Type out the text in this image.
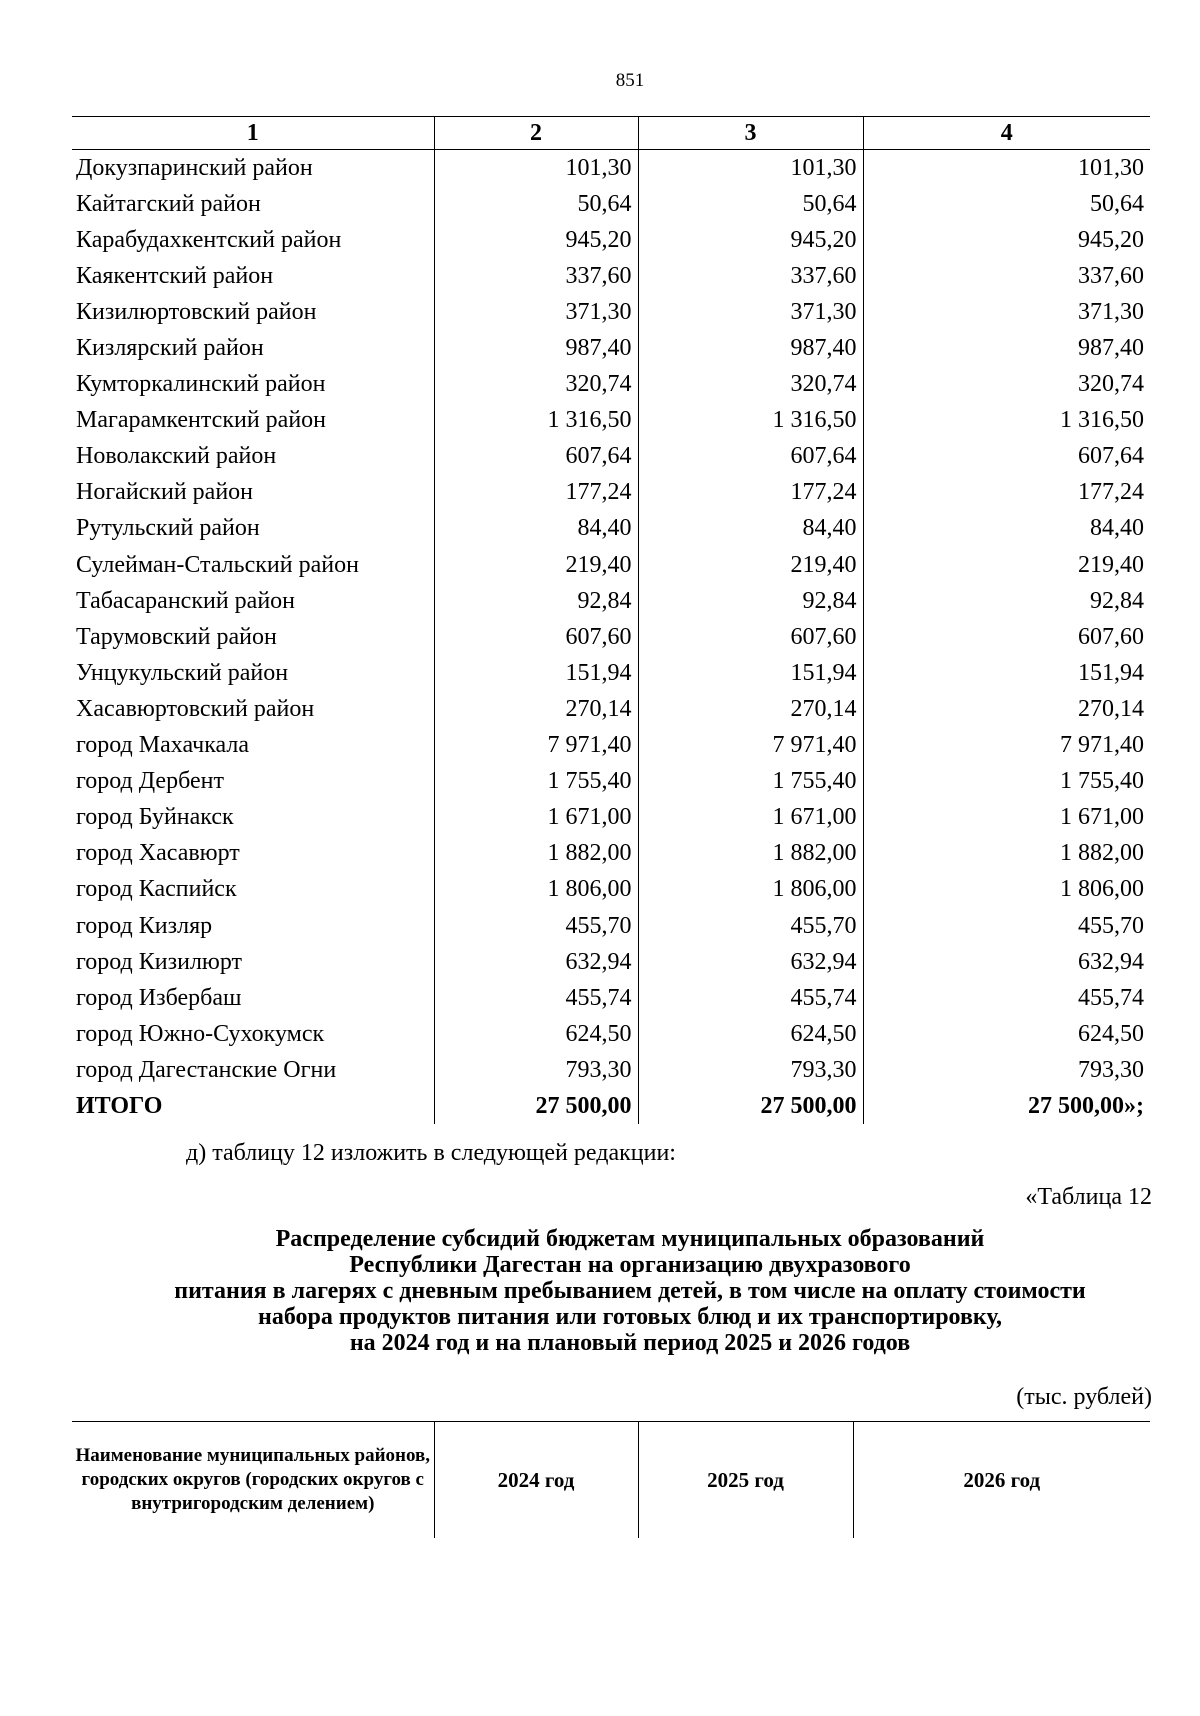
851
1	2	3	4
Докузпаринский район	101,30	101,30	101,30
Кайтагский район	50,64	50,64	50,64
Карабудахкентский район	945,20	945,20	945,20
Каякентский район	337,60	337,60	337,60
Кизилюртовский район	371,30	371,30	371,30
Кизлярский район	987,40	987,40	987,40
Кумторкалинский район	320,74	320,74	320,74
Магарамкентский район	1 316,50	1 316,50	1 316,50
Новолакский район	607,64	607,64	607,64
Ногайский район	177,24	177,24	177,24
Рутульский район	84,40	84,40	84,40
Сулейман-Стальский район	219,40	219,40	219,40
Табасаранский район	92,84	92,84	92,84
Тарумовский район	607,60	607,60	607,60
Унцукульский район	151,94	151,94	151,94
Хасавюртовский район	270,14	270,14	270,14
город Махачкала	7 971,40	7 971,40	7 971,40
город Дербент	1 755,40	1 755,40	1 755,40
город Буйнакск	1 671,00	1 671,00	1 671,00
город Хасавюрт	1 882,00	1 882,00	1 882,00
город Каспийск	1 806,00	1 806,00	1 806,00
город Кизляр	455,70	455,70	455,70
город Кизилюрт	632,94	632,94	632,94
город Избербаш	455,74	455,74	455,74
город Южно-Сухокумск	624,50	624,50	624,50
город Дагестанские Огни	793,30	793,30	793,30
ИТОГО	27 500,00	27 500,00	27 500,00»;
д) таблицу 12 изложить в следующей редакции:
«Таблица 12
Распределение субсидий бюджетам муниципальных образований
Республики Дагестан на организацию двухразового
питания в лагерях с дневным пребыванием детей, в том числе на оплату стоимости
набора продуктов питания или готовых блюд и их транспортировку,
на 2024 год и на плановый период 2025 и 2026 годов
(тыс. рублей)
Наименование муниципальных районов, городских округов (городских округов с внутригородским делением)	2024 год	2025 год	2026 год
